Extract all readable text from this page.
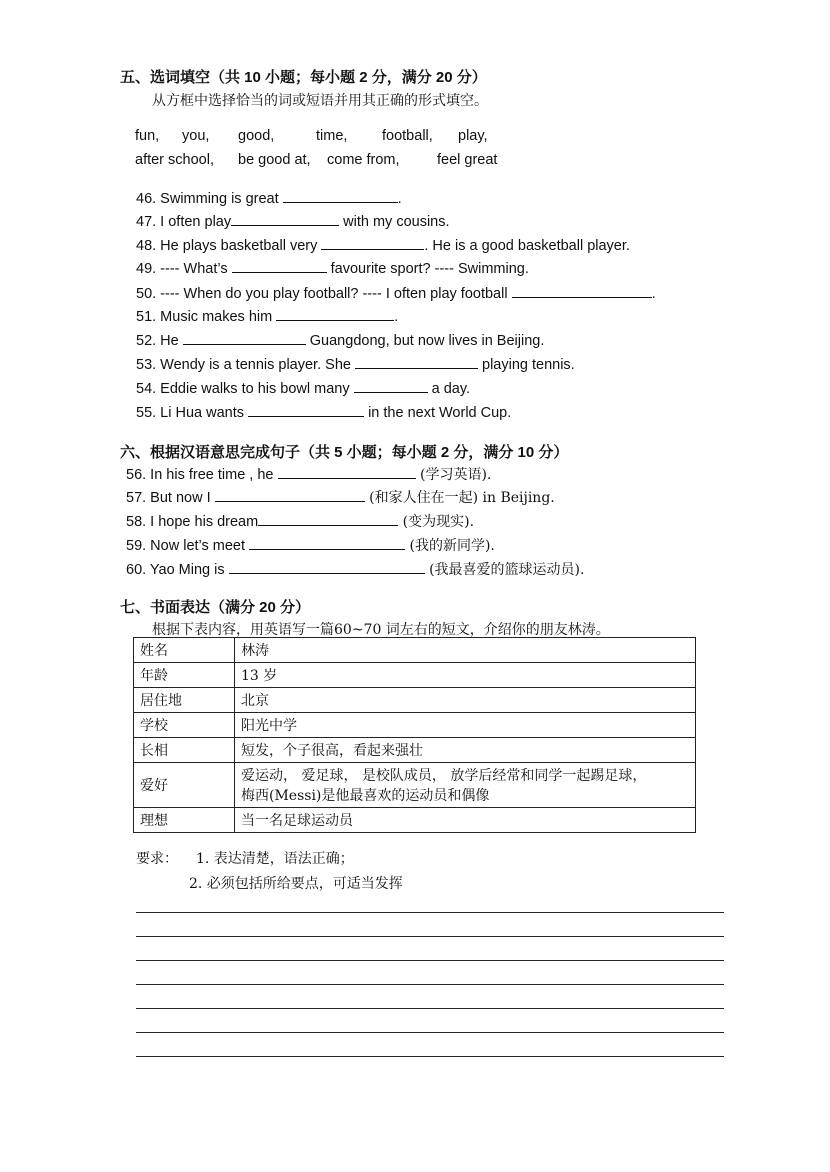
五、选词填空（共 10 小题；每小题 2 分，满分 20 分）
从方框中选择恰当的词或短语并用其正确的形式填空。
fun, you, good,	time, football, play,
after school, be good at, come from,	feel great
46. Swimming is great	.
47. I often play	with my cousins.
48. He plays basketball very	. He is a good basketball player.
49. ---- What’s	favourite sport? ---- Swimming.
50. ---- When do you play football? ---- I often play football	.
51. Music makes him	.
52. He	Guangdong, but now lives in Beijing.
53. Wendy is a tennis player. She	playing tennis.
54. Eddie walks to his bowl many	a day.
55. Li Hua wants	in the next World Cup.
六、根据汉语意思完成句子（共 5 小题；每小题 2 分，满分 10 分）
56. In his free time , he	(学习英语).
57. But now I	(和家人住在一起) in Beijing.
58. I hope his dream	(变为现实).
59. Now let’s meet	(我的新同学).
60. Yao Ming is	(我最喜爱的篮球运动员).
七、书面表达（满分 20 分）
根据下表内容，用英语写一篇60~70 词左右的短文，介绍你的朋友林涛。
姓名	林涛
年龄	13 岁
居住地	北京
学校	阳光中学
长相	短发，个子很高，看起来强壮
爱好	爱运动， 爱足球， 是校队成员， 放学后经常和同学一起踢足球，
梅西(Messi)是他最喜欢的运动员和偶像
理想	当一名足球运动员
要求： 1. 表达清楚，语法正确；
2. 必须包括所给要点，可适当发挥
